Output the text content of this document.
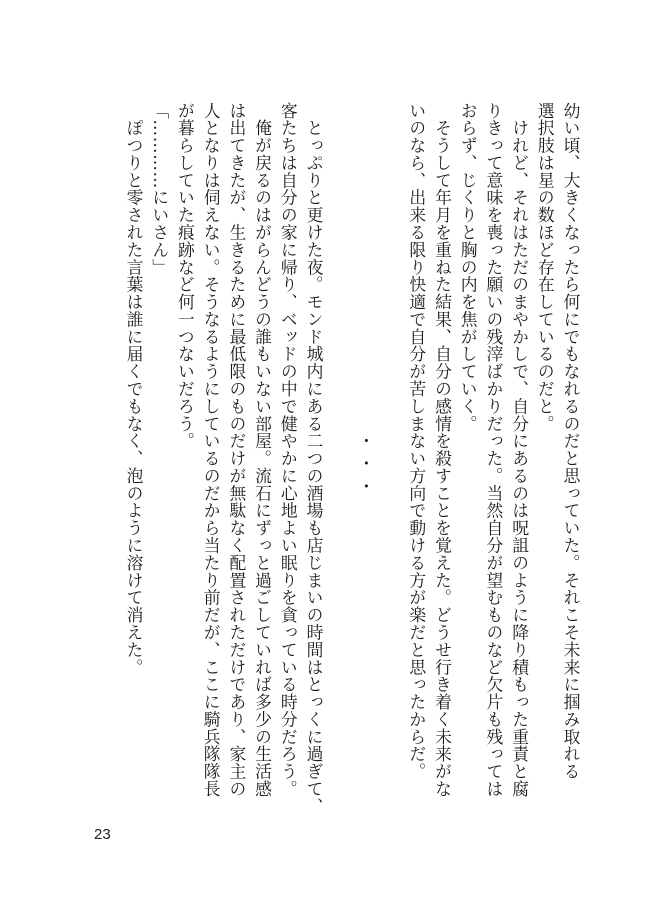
幼い頃、大きくなったら何にでもなれるのだと思っていた。それこそ未来に掴み取れる

選択肢は星の数ほど存在しているのだと。

　けれど、それはただのまやかしで、自分にあるのは呪詛のように降り積もった重責と腐

りきって意味を喪った願いの残滓ばかりだった。当然自分が望むものなど欠片も残ってはおらず、じくりと胸の内を焦がしていく。

　そうして年月を重ねた結果、自分の感情を殺すことを覚えた。どうせ行き着く未来がないのなら、出来る限り快適で自分が苦しまない方向で動ける方が楽だと思ったからだ。

・・・

　とっぷりと更けた夜。モンド城内にある二つの酒場も店じまいの時間はとっくに過ぎて、

客たちは自分の家に帰り、ベッドの中で健やかに心地よい眠りを貪っている時分だろう。

　俺が戻るのはがらんどうの誰もいない部屋。流石にずっと過ごしていれば多少の生活感

は出てきたが、生きるために最低限のものだけが無駄なく配置されただけであり、家主の

人となりは伺えない。そうなるようにしているのだから当たり前だが、ここに騎兵隊隊長

が暮らしていた痕跡など何一つないだろう。

「…………にいさん」

　ぽつりと零された言葉は誰に届くでもなく、泡のように溶けて消えた。

23
